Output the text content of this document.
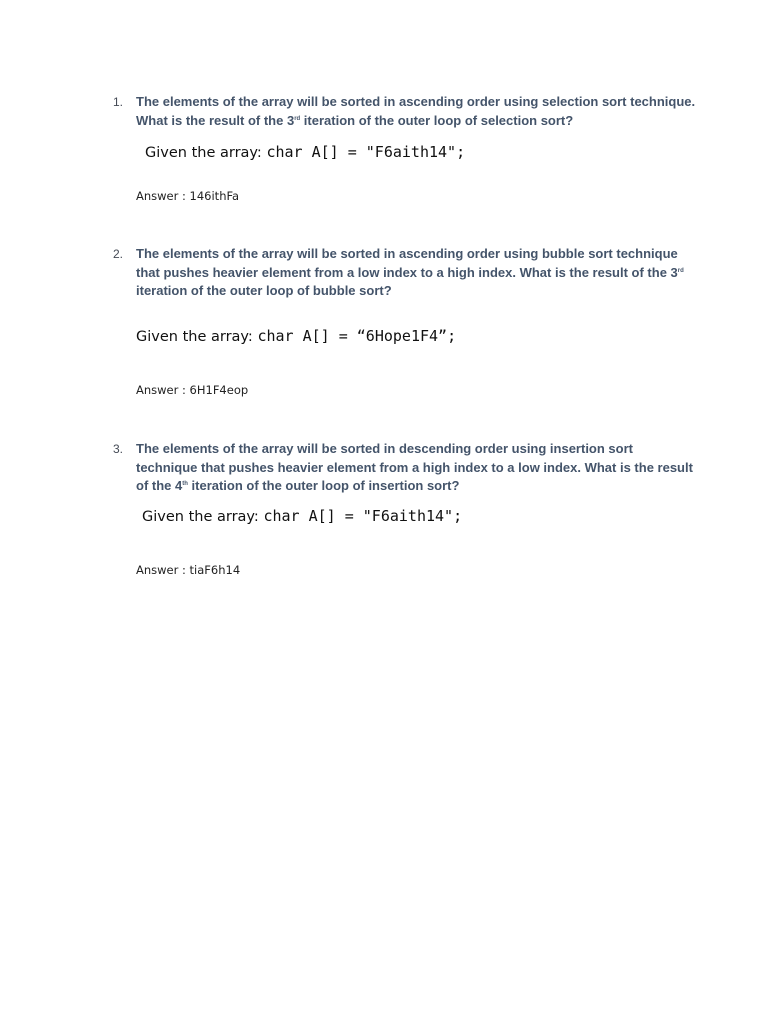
1. The elements of the array will be sorted in ascending order using selection sort technique. What is the result of the 3rd iteration of the outer loop of selection sort?
Given the array: char A[] = "F6aith14";
Answer : 146ithFa
2. The elements of the array will be sorted in ascending order using bubble sort technique that pushes heavier element from a low index to a high index. What is the result of the 3rd iteration of the outer loop of bubble sort?
Given the array: char A[] = “6Hope1F4”;
Answer : 6H1F4eop
3. The elements of the array will be sorted in descending order using insertion sort technique that pushes heavier element from a high index to a low index. What is the result of the 4th iteration of the outer loop of insertion sort?
Given the array: char A[] = "F6aith14";
Answer : tiaF6h14
